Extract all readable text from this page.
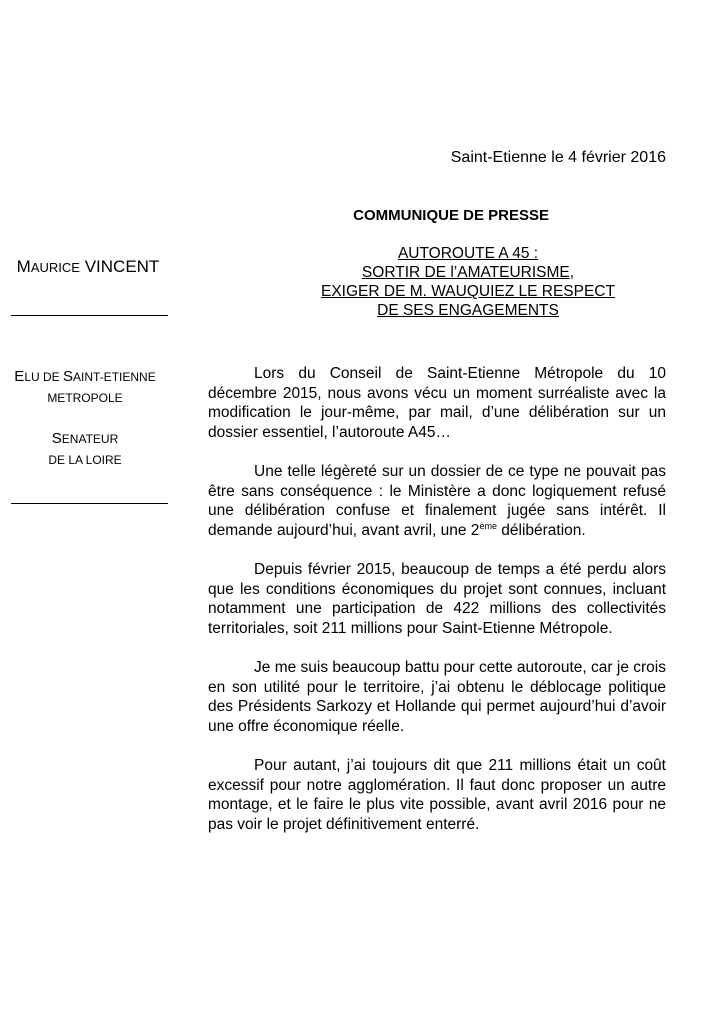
MAURICE VINCENT
ELU DE SAINT-ETIENNE
METROPOLE
SENATEUR
DE LA LOIRE
Saint-Etienne le 4 février 2016
COMMUNIQUE DE PRESSE
AUTOROUTE A 45 :
SORTIR DE l’AMATEURISME,
EXIGER DE M. WAUQUIEZ LE RESPECT
DE SES ENGAGEMENTS

Lors du Conseil de Saint-Etienne Métropole du 10 décembre 2015, nous avons vécu un moment surréaliste avec la modification le jour-même, par mail, d’une délibération sur un dossier essentiel, l’autoroute A45…

Une telle légèreté sur un dossier de ce type ne pouvait pas être sans conséquence : le Ministère a donc logiquement refusé une délibération confuse et finalement jugée sans intérêt. Il demande aujourd’hui, avant avril, une 2ème délibération.

Depuis février 2015, beaucoup de temps a été perdu alors que les conditions économiques du projet sont connues, incluant notamment une participation de 422 millions des collectivités territoriales, soit 211 millions pour Saint-Etienne Métropole.

Je me suis beaucoup battu pour cette autoroute, car je crois en son utilité pour le territoire, j’ai obtenu le déblocage politique des Présidents Sarkozy et Hollande qui permet aujourd’hui d’avoir une offre économique réelle.

Pour autant, j’ai toujours dit que 211 millions était un coût excessif pour notre agglomération. Il faut donc proposer un autre montage, et le faire le plus vite possible, avant avril 2016 pour ne pas voir le projet définitivement enterré.
